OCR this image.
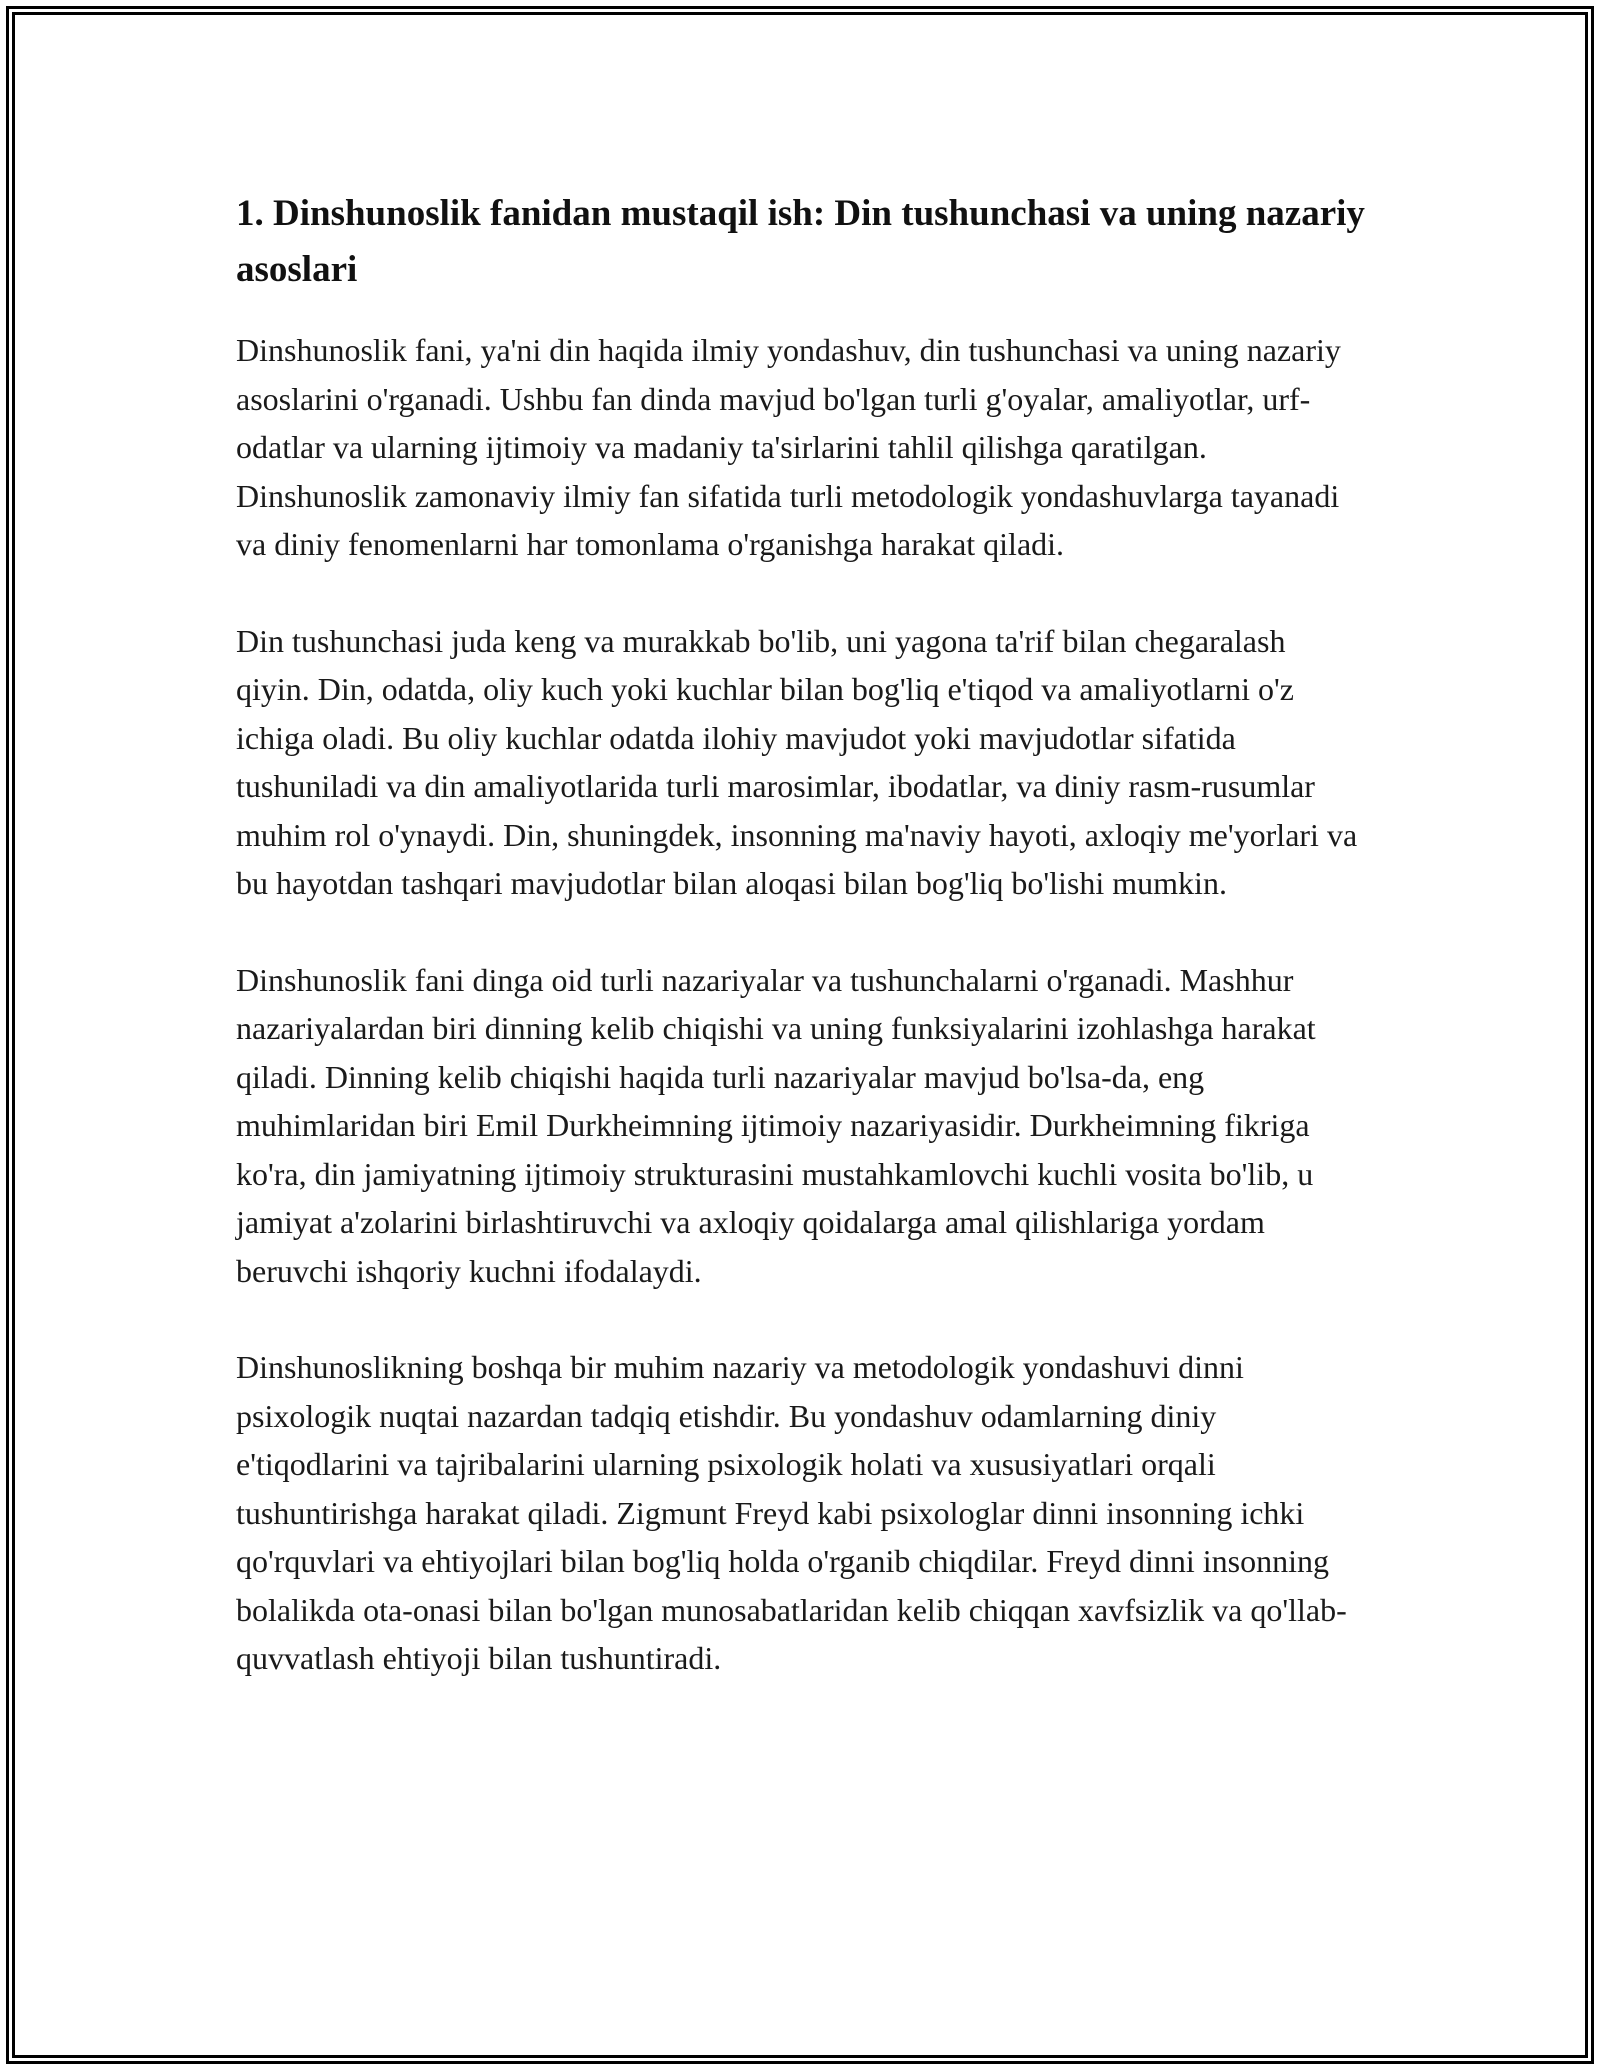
1. Dinshunoslik fanidan mustaqil ish: Din tushunchasi va uning nazariy asoslari

Dinshunoslik fani, ya'ni din haqida ilmiy yondashuv, din tushunchasi va uning nazariy asoslarini o'rganadi. Ushbu fan dinda mavjud bo'lgan turli g'oyalar, amaliyotlar, urf-odatlar va ularning ijtimoiy va madaniy ta'sirlarini tahlil qilishga qaratilgan. Dinshunoslik zamonaviy ilmiy fan sifatida turli metodologik yondashuvlarga tayanadi va diniy fenomenlarni har tomonlama o'rganishga harakat qiladi.

Din tushunchasi juda keng va murakkab bo'lib, uni yagona ta'rif bilan chegaralash qiyin. Din, odatda, oliy kuch yoki kuchlar bilan bog'liq e'tiqod va amaliyotlarni o'z ichiga oladi. Bu oliy kuchlar odatda ilohiy mavjudot yoki mavjudotlar sifatida tushuniladi va din amaliyotlarida turli marosimlar, ibodatlar, va diniy rasm-rusumlar muhim rol o'ynaydi. Din, shuningdek, insonning ma'naviy hayoti, axloqiy me'yorlari va bu hayotdan tashqari mavjudotlar bilan aloqasi bilan bog'liq bo'lishi mumkin.

Dinshunoslik fani dinga oid turli nazariyalar va tushunchalarni o'rganadi. Mashhur nazariyalardan biri dinning kelib chiqishi va uning funksiyalarini izohlashga harakat qiladi. Dinning kelib chiqishi haqida turli nazariyalar mavjud bo'lsa-da, eng muhimlaridan biri Emil Durkheimning ijtimoiy nazariyasidir. Durkheimning fikriga ko'ra, din jamiyatning ijtimoiy strukturasini mustahkamlovchi kuchli vosita bo'lib, u jamiyat a'zolarini birlashtiruvchi va axloqiy qoidalarga amal qilishlariga yordam beruvchi ishqoriy kuchni ifodalaydi.

Dinshunoslikning boshqa bir muhim nazariy va metodologik yondashuvi dinni psixologik nuqtai nazardan tadqiq etishdir. Bu yondashuv odamlarning diniy e'tiqodlarini va tajribalarini ularning psixologik holati va xususiyatlari orqali tushuntirishga harakat qiladi. Zigmunt Freyd kabi psixologlar dinni insonning ichki qo'rquvlari va ehtiyojlari bilan bog'liq holda o'rganib chiqdilar. Freyd dinni insonning bolalikda ota-onasi bilan bo'lgan munosabatlaridan kelib chiqqan xavfsizlik va qo'llab-quvvatlash ehtiyoji bilan tushuntiradi.
